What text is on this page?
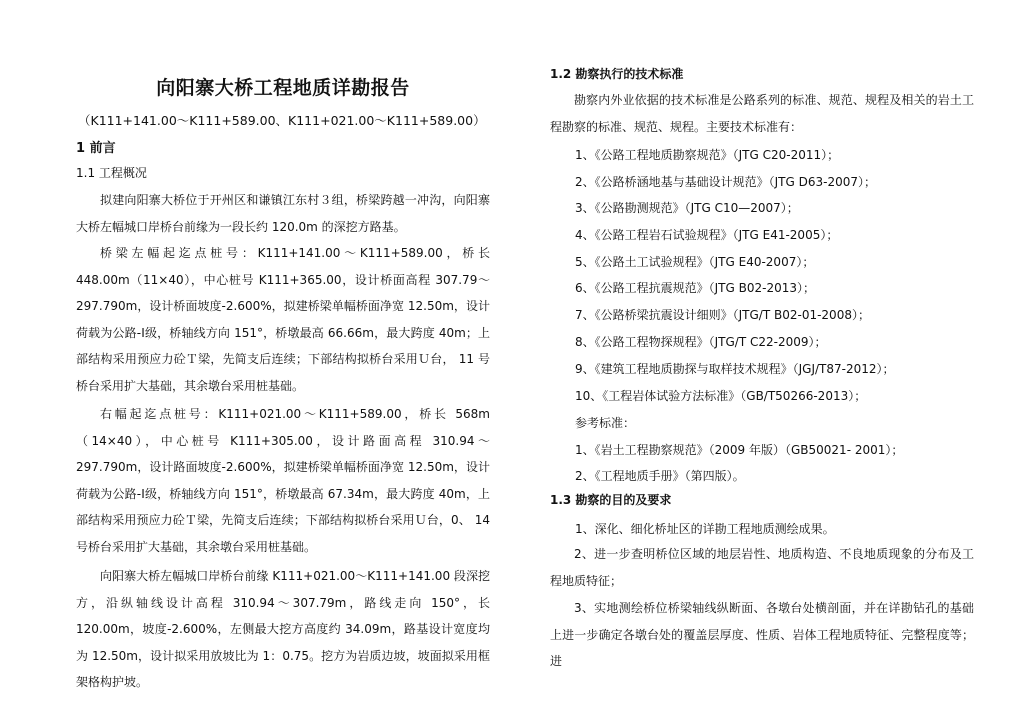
向阳寨大桥工程地质详勘报告
（K111+141.00～K111+589.00、K111+021.00～K111+589.00）
1 前言
1.1 工程概况
拟建向阳寨大桥位于开州区和谦镇江东村３组，桥梁跨越一冲沟，向阳寨大桥左幅城口岸桥台前缘为一段长约 120.0m 的深挖方路基。
桥梁左幅起迄点桩号：K111+141.00～K111+589.00，桥长 448.00m（11×40），中心桩号 K111+365.00，设计桥面高程 307.79～297.790m，设计桥面坡度-2.600%，拟建桥梁单幅桥面净宽 12.50m，设计荷载为公路-Ⅰ级，桥轴线方向 151°，桥墩最高 66.66m，最大跨度 40m；上部结构采用预应力砼Ｔ梁，先简支后连续；下部结构拟桥台采用Ｕ台， 11 号桥台采用扩大基础，其余墩台采用桩基础。
右幅起迄点桩号：K111+021.00～K111+589.00，桥长 568m（14×40），中心桩号 K111+305.00，设计路面高程 310.94～297.790m，设计路面坡度-2.600%，拟建桥梁单幅桥面净宽 12.50m，设计荷载为公路-Ⅰ级，桥轴线方向 151°，桥墩最高 67.34m，最大跨度 40m，上部结构采用预应力砼Ｔ梁，先简支后连续；下部结构拟桥台采用Ｕ台，0、 14 号桥台采用扩大基础，其余墩台采用桩基础。
向阳寨大桥左幅城口岸桥台前缘 K111+021.00～K111+141.00 段深挖方，沿纵轴线设计高程 310.94～307.79m，路线走向 150°，长 120.00m，坡度-2.600%，左侧最大挖方高度约 34.09m，路基设计宽度均为 12.50m，设计拟采用放坡比为 1：0.75。挖方为岩质边坡，坡面拟采用框架格构护坡。
1.2 勘察执行的技术标准
勘察内外业依据的技术标准是公路系列的标准、规范、规程及相关的岩土工程勘察的标准、规范、规程。主要技术标准有：
1、《公路工程地质勘察规范》（JTG C20-2011）；
2、《公路桥涵地基与基础设计规范》（JTG D63-2007）；
3、《公路勘测规范》（JTG C10—2007）；
4、《公路工程岩石试验规程》（JTG E41-2005）；
5、《公路土工试验规程》（JTG E40-2007）；
6、《公路工程抗震规范》（JTG B02-2013）；
7、《公路桥梁抗震设计细则》（JTG/T B02-01-2008）；
8、《公路工程物探规程》（JTG/T C22-2009）；
9、《建筑工程地质勘探与取样技术规程》（JGJ/T87-2012）；
10、《工程岩体试验方法标准》（GB/T50266-2013）；
参考标准：
1、《岩土工程勘察规范》（2009 年版）（GB50021- 2001）；
2、《工程地质手册》（第四版）。
1.3 勘察的目的及要求
1、深化、细化桥址区的详勘工程地质测绘成果。
2、进一步查明桥位区域的地层岩性、地质构造、不良地质现象的分布及工程地质特征；
3、实地测绘桥位桥梁轴线纵断面、各墩台处横剖面，并在详勘钻孔的基础上进一步确定各墩台处的覆盖层厚度、性质、岩体工程地质特征、完整程度等；进
